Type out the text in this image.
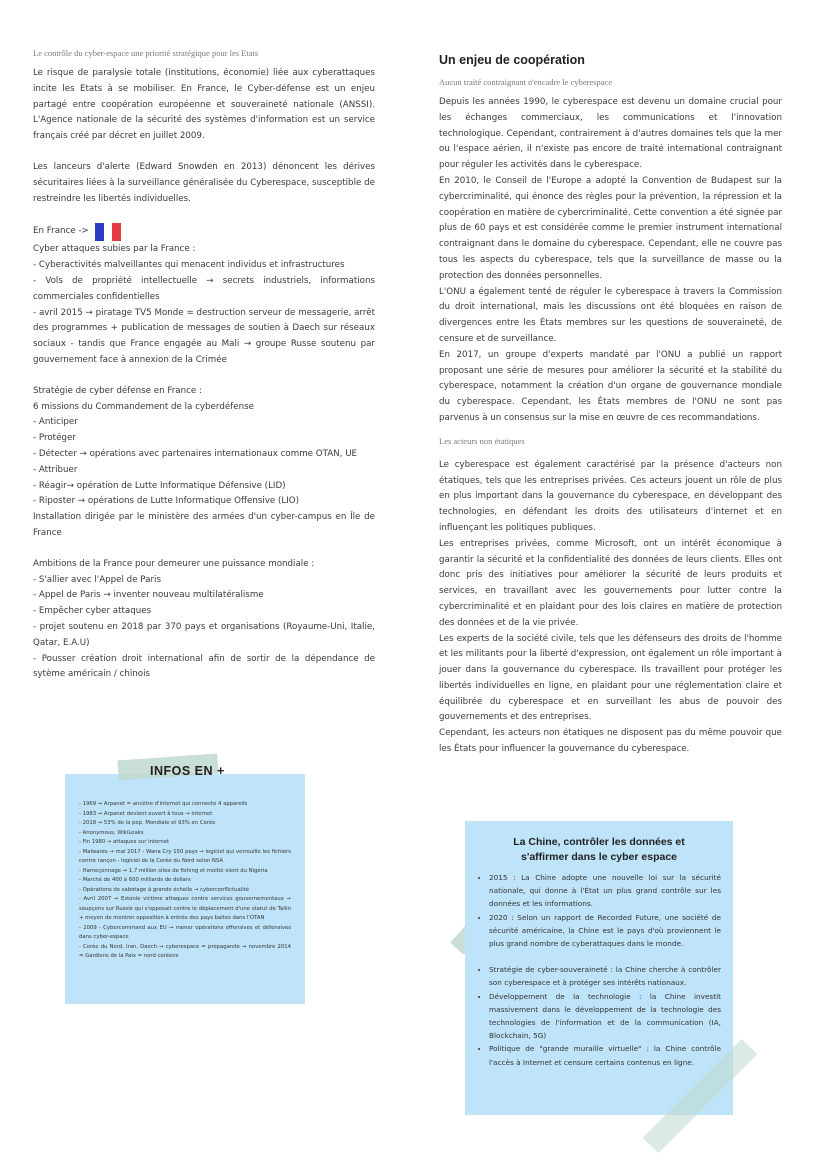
Le contrôle du cyber-espace une priorité stratégique pour les Etats

Le risque de paralysie totale (institutions, économie) liée aux cyberattaques incite les Etats à se mobiliser. En France, le Cyber-défense est un enjeu partagé entre coopération européenne et souveraineté nationale (ANSSI). L'Agence nationale de la sécurité des systèmes d'information est un service français créé par décret en juillet 2009.

Les lanceurs d'alerte (Edward Snowden en 2013) dénoncent les dérives sécuritaires liées à la surveillance généralisée du Cyberespace, susceptible de restreindre les libertés individuelles.

En France ->

Cyber attaques subies par la France :

- Cyberactivités malveillantes qui menacent individus et infrastructures

- Vols de propriété intellectuelle → secrets industriels, informations commerciales confidentielles

- avril 2015 → piratage TV5 Monde = destruction serveur de messagerie, arrêt des programmes + publication de messages de soutien à Daech sur réseaux sociaux - tandis que France engagée au Mali → groupe Russe soutenu par gouvernement face à annexion de la Crimée

Stratégie de cyber défense en France :

6 missions du Commandement de la cyberdéfense

- Anticiper

- Protéger

- Détecter → opérations avec partenaires internationaux comme OTAN, UE

- Attribuer

- Réagir→ opération de Lutte Informatique Défensive (LID)

- Riposter → opérations de Lutte Informatique Offensive (LIO)

Installation dirigée par le ministère des armées d'un cyber-campus en Île de France

Ambitions de la France pour demeurer une puissance mondiale :

- S'allier avec l'Appel de Paris

- Appel de Paris → inventer nouveau multilatéralisme

- Empêcher cyber attaques

- projet soutenu en 2018 par 370 pays et organisations (Royaume-Uni, Italie, Qatar, E.A.U)

- Pousser création droit international afin de sortir de la dépendance de sytème américain / chinois

Un enjeu de coopération
Aucun traité contraignant n'encadre le cyberespace

Depuis les années 1990, le cyberespace est devenu un domaine crucial pour les échanges commerciaux, les communications et l'innovation technologique. Cependant, contrairement à d'autres domaines tels que la mer ou l'espace aérien, il n'existe pas encore de traité international contraignant pour réguler les activités dans le cyberespace.

En 2010, le Conseil de l'Europe a adopté la Convention de Budapest sur la cybercriminalité, qui énonce des règles pour la prévention, la répression et la coopération en matière de cybercriminalité. Cette convention a été signée par plus de 60 pays et est considérée comme le premier instrument international contraignant dans le domaine du cyberespace. Cependant, elle ne couvre pas tous les aspects du cyberespace, tels que la surveillance de masse ou la protection des données personnelles.

L'ONU a également tenté de réguler le cyberespace à travers la Commission du droit international, mais les discussions ont été bloquées en raison de divergences entre les États membres sur les questions de souveraineté, de censure et de surveillance.

En 2017, un groupe d'experts mandaté par l'ONU a publié un rapport proposant une série de mesures pour améliorer la sécurité et la stabilité du cyberespace, notamment la création d'un organe de gouvernance mondiale du cyberespace. Cependant, les États membres de l'ONU ne sont pas parvenus à un consensus sur la mise en œuvre de ces recommandations.

Les acteurs non étatiques

Le cyberespace est également caractérisé par la présence d'acteurs non étatiques, tels que les entreprises privées. Ces acteurs jouent un rôle de plus en plus important dans la gouvernance du cyberespace, en développant des technologies, en défendant les droits des utilisateurs d'internet et en influençant les politiques publiques.

Les entreprises privées, comme Microsoft, ont un intérêt économique à garantir la sécurité et la confidentialité des données de leurs clients. Elles ont donc pris des initiatives pour améliorer la sécurité de leurs produits et services, en travaillant avec les gouvernements pour lutter contre la cybercriminalité et en plaidant pour des lois claires en matière de protection des données et de la vie privée.

Les experts de la société civile, tels que les défenseurs des droits de l'homme et les militants pour la liberté d'expression, ont également un rôle important à jouer dans la gouvernance du cyberespace. Ils travaillent pour protéger les libertés individuelles en ligne, en plaidant pour une réglementation claire et équilibrée du cyberespace et en surveillant les abus de pouvoir des gouvernements et des entreprises.

Cependant, les acteurs non étatiques ne disposent pas du même pouvoir que les États pour influencer la gouvernance du cyberespace.

- 1969 → Arpanet = ancêtre d'internet qui connecte 4 appareils
- 1983 → Arpanet devient ouvert à tous → internet
- 2018 → 53% de la pop. Mondiale et 93% en Corée
- Anonymous, WikiLeaks
- Fin 1980 → attaques sur internet
- Malwares → mai 2017 - Wana Cry 150 pays → logiciel qui verrouille les fichiers contre rançon - logiciel de la Corée du Nord selon NSA
- Hameçonnage → 1,7 million sites de fishing et moitié vient du Nigéria
- Marché de 400 à 600 milliards de dollars
- Opérations de sabotage à grande échelle → cyberconflictualité
- Avril 2007 → Estonie victime attaques contre services gouvernementaux → soupçons sur Russie qui s'opposait contre le déplacement d'une statut de Tallin + moyen de montrer opposition à entrée des pays baltes dans l'OTAN
- 2009 - Cybercommand aux EU → mener opérations offensives et défensives dans cyber-espace
- Corée du Nord, Iran, Daech → cyberespace = propagande → novembre 2014 = Gardiens de la Paix = nord coréens
INFOS EN +
La Chine, contrôler les données et
s'affirmer dans le cyber espace
• 2015 : La Chine adopte une nouvelle loi sur la sécurité nationale, qui donne à l'État un plus grand contrôle sur les données et les informations.
• 2020 : Selon un rapport de Recorded Future, une société de sécurité américaine, la Chine est le pays d'où proviennent le plus grand nombre de cyberattaques dans le monde.
• Stratégie de cyber-souveraineté : la Chine cherche à contrôler son cyberespace et à protéger ses intérêts nationaux.
• Développement de la technologie : la Chine investit massivement dans le développement de la technologie des technologies de l'information et de la communication (IA, Blockchain, 5G)
• Politique de "grande muraille virtuelle" : la Chine contrôle l'accès à Internet et censure certains contenus en ligne.
